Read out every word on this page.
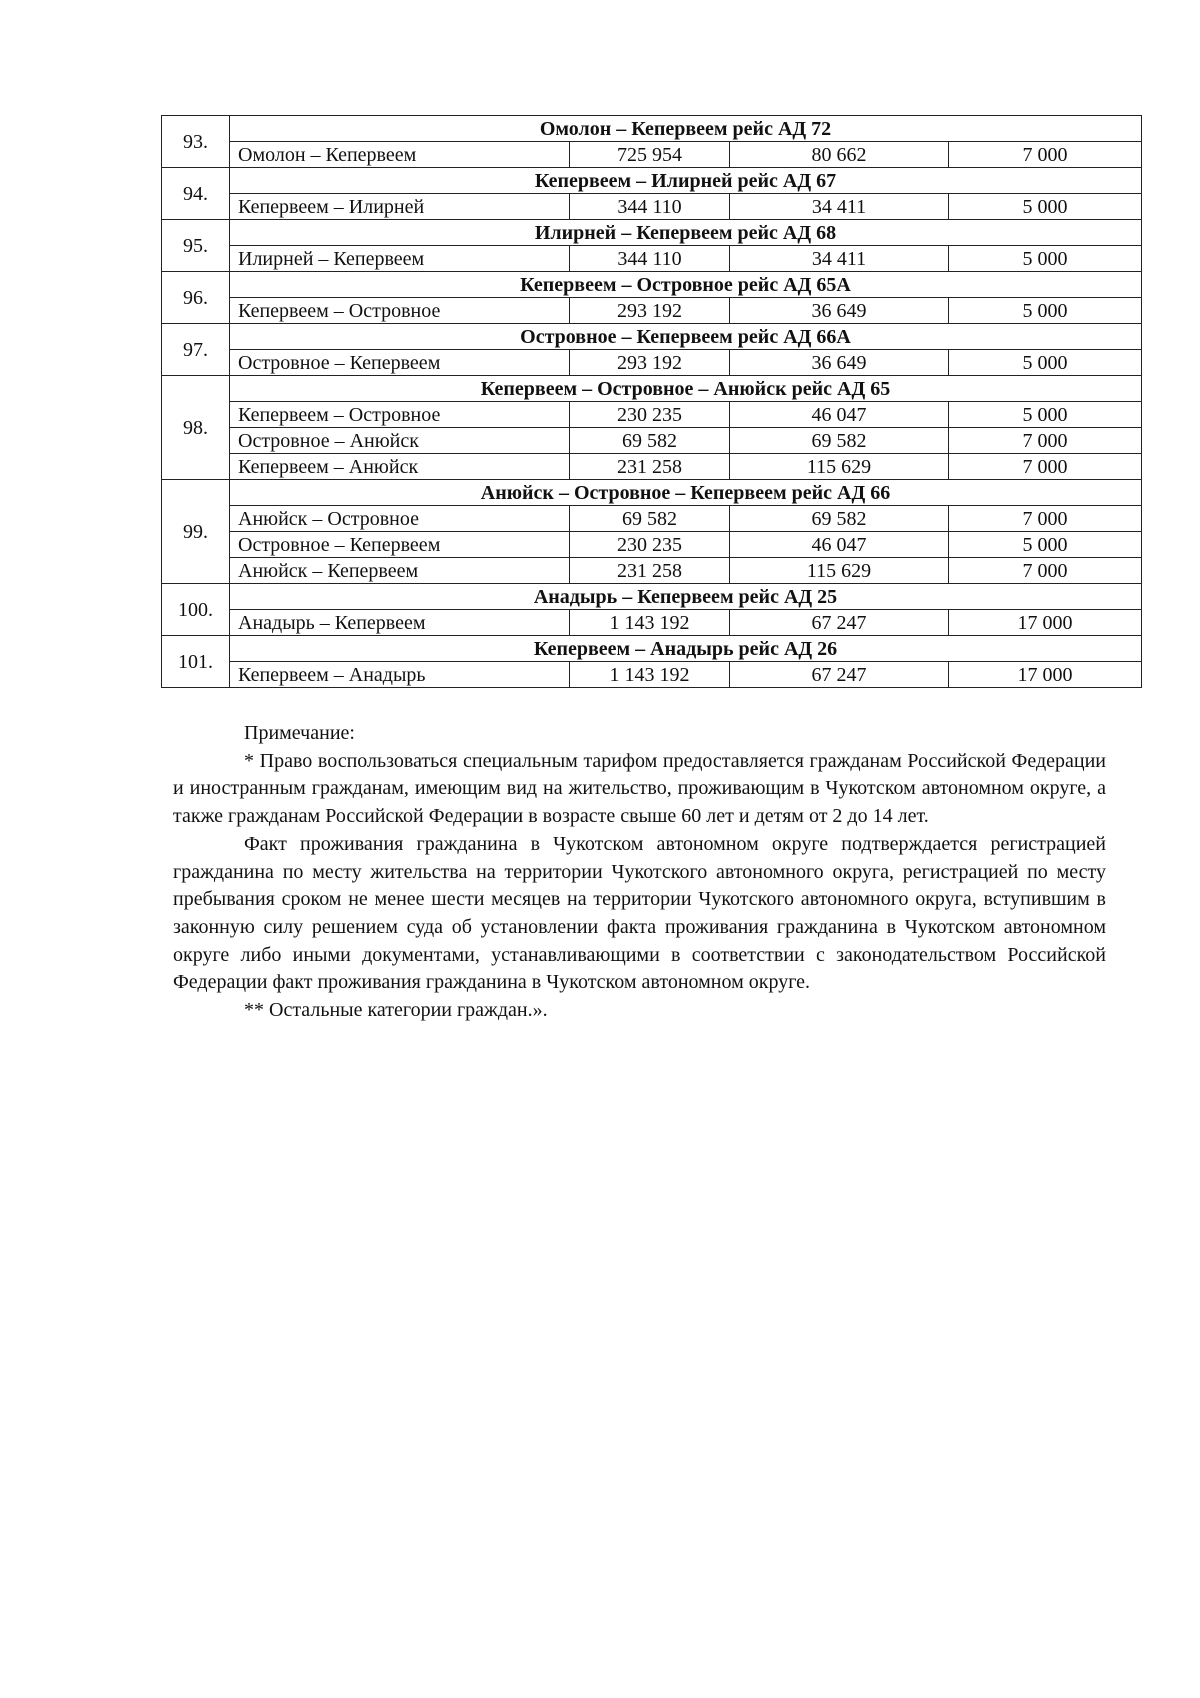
93.	Омолон – Кепервеем рейс АД 72			
	Омолон – Кепервеем	725 954	80 662	7 000
94.	Кепервеем – Илирней рейс АД 67			
	Кепервеем – Илирней	344 110	34 411	5 000
95.	Илирней – Кепервеем рейс АД 68			
	Илирней – Кепервеем	344 110	34 411	5 000
96.	Кепервеем – Островное рейс АД 65А			
	Кепервеем – Островное	293 192	36 649	5 000
97.	Островное – Кепервеем рейс АД 66А			
	Островное – Кепервеем	293 192	36 649	5 000
98.	Кепервеем – Островное – Анюйск рейс АД 65			
	Кепервеем – Островное	230 235	46 047	5 000
	Островное – Анюйск	69 582	69 582	7 000
	Кепервеем – Анюйск	231 258	115 629	7 000
99.	Анюйск – Островное – Кепервеем рейс АД 66			
	Анюйск – Островное	69 582	69 582	7 000
	Островное – Кепервеем	230 235	46 047	5 000
	Анюйск – Кепервеем	231 258	115 629	7 000
100.	Анадырь – Кепервеем рейс АД 25			
	Анадырь – Кепервеем	1 143 192	67 247	17 000
101.	Кепервеем – Анадырь рейс АД 26			
	Кепервеем – Анадырь	1 143 192	67 247	17 000

Примечание:

* Право воспользоваться специальным тарифом предоставляется гражданам Российской Федерации и иностранным гражданам, имеющим вид на жительство, проживающим в Чукотском автономном округе, а также гражданам Российской Федерации в возрасте свыше 60 лет и детям от 2 до 14 лет.

Факт проживания гражданина в Чукотском автономном округе подтверждается регистрацией гражданина по месту жительства на территории Чукотского автономного округа, регистрацией по месту пребывания сроком не менее шести месяцев на территории Чукотского автономного округа, вступившим в законную силу решением суда об установлении факта проживания гражданина в Чукотском автономном округе либо иными документами, устанавливающими в соответствии с законодательством Российской Федерации факт проживания гражданина в Чукотском автономном округе.

** Остальные категории граждан.».
